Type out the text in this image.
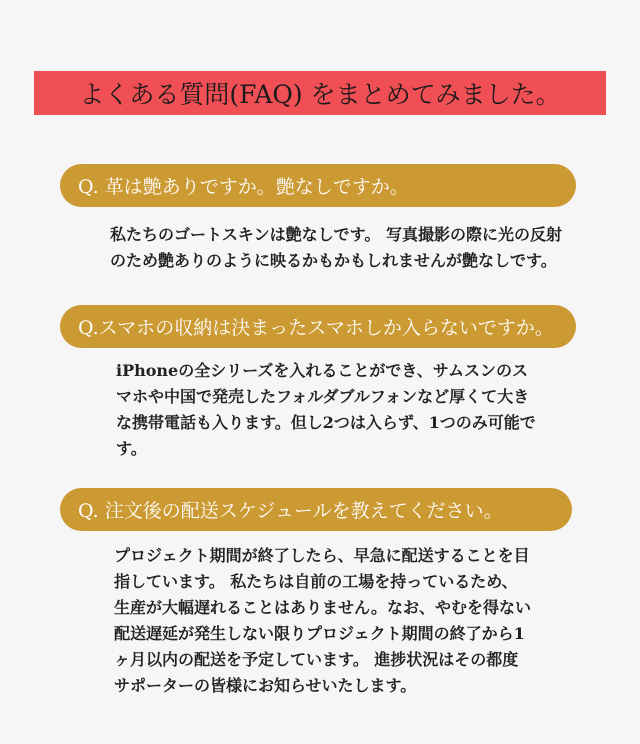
よくある質問(FAQ) をまとめてみました。
Q. 革は艶ありですか。艶なしですか。
私たちのゴートスキンは艶なしです。 写真撮影の際に光の反射
のため艶ありのように映るかもかもしれませんが艶なしです。
Q.スマホの収納は決まったスマホしか入らないですか。
iPhoneの全シリーズを入れることができ、サムスンのス
マホや中国で発売したフォルダブルフォンなど厚くて大き
な携帯電話も入ります。但し2つは入らず、1つのみ可能で
す。
Q. 注文後の配送スケジュールを教えてください。
プロジェクト期間が終了したら、早急に配送することを目
指しています。 私たちは自前の工場を持っているため、
生産が大幅遅れることはありません。なお、やむを得ない
配送遅延が発生しない限りプロジェクト期間の終了から1
ヶ月以内の配送を予定しています。 進捗状況はその都度
サポーターの皆様にお知らせいたします。
